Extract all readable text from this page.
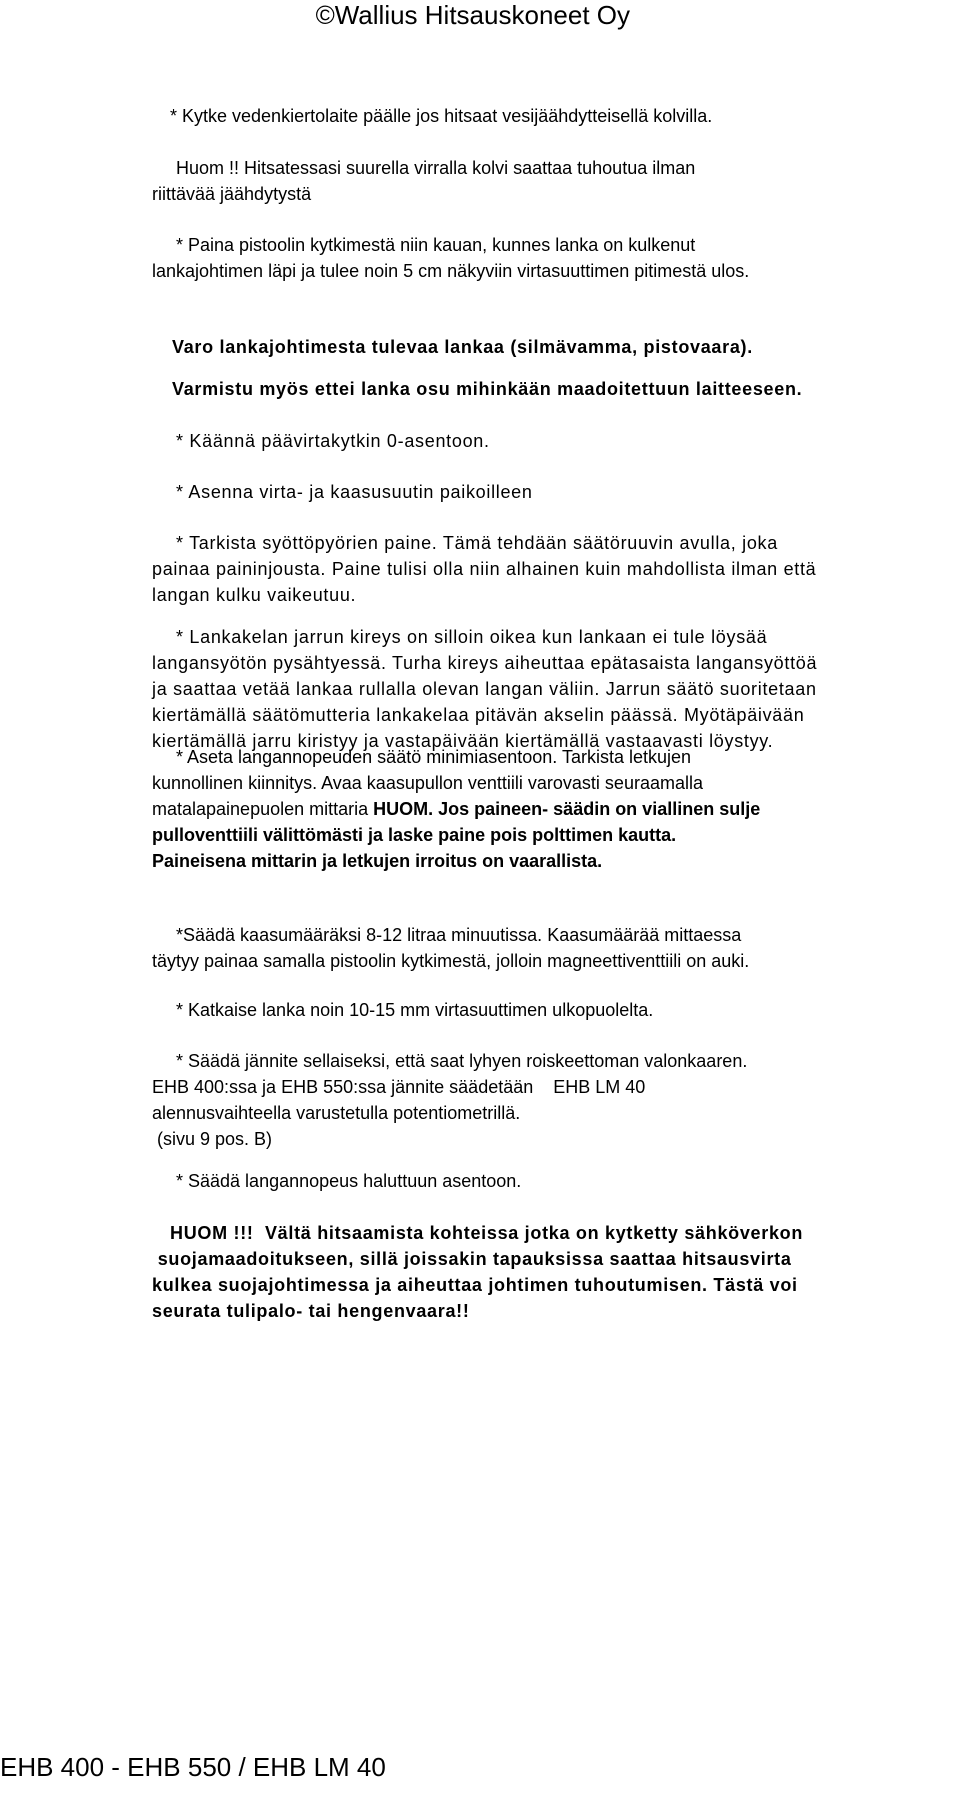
©Wallius Hitsauskoneet Oy

* Kytke vedenkiertolaite päälle jos hitsaat vesijäähdytteisellä kolvilla.

Huom !! Hitsatessasi suurella virralla kolvi saattaa tuhoutua ilman
riittävää jäähdytystä
* Paina pistoolin kytkimestä niin kauan, kunnes lanka on kulkenut
lankajohtimen läpi ja tulee noin 5 cm näkyviin virtasuuttimen pitimestä ulos.

Varo lankajohtimesta tulevaa lankaa (silmävamma, pistovaara).

Varmistu myös ettei lanka osu mihinkään maadoitettuun laitteeseen.

* Käännä päävirtakytkin 0-asentoon.

* Asenna virta- ja kaasusuutin paikoilleen

* Tarkista syöttöpyörien paine. Tämä tehdään säätöruuvin avulla, joka
painaa paininjousta. Paine tulisi olla niin alhainen kuin mahdollista ilman että
langan kulku vaikeutuu.
* Lankakelan jarrun kireys on silloin oikea kun lankaan ei tule löysää
langansyötön pysähtyessä. Turha kireys aiheuttaa epätasaista langansyöttöä
ja saattaa vetää lankaa rullalla olevan langan väliin. Jarrun säätö suoritetaan
kiertämällä säätömutteria lankakelaa pitävän akselin päässä. Myötäpäivään
kiertämällä jarru kiristyy ja vastapäivään kiertämällä vastaavasti löystyy.
* Aseta langannopeuden säätö minimiasentoon. Tarkista letkujen
kunnollinen kiinnitys. Avaa kaasupullon venttiili varovasti seuraamalla
matalapainepuolen mittaria HUOM. Jos paineen- säädin on viallinen sulje
pulloventtiili välittömästi ja laske paine pois polttimen kautta.
Paineisena mittarin ja letkujen irroitus on vaarallista.
*Säädä kaasumääräksi 8-12 litraa minuutissa. Kaasumäärää mittaessa
täytyy painaa samalla pistoolin kytkimestä, jolloin magneettiventtiili on auki.

* Katkaise lanka noin 10-15 mm virtasuuttimen ulkopuolelta.

* Säädä jännite sellaiseksi, että saat lyhyen roiskeettoman valonkaaren.
EHB 400:ssa ja EHB 550:ssa jännite säädetään    EHB LM 40
alennusvaihteella varustetulla potentiometrillä.
(sivu 9 pos. B)

* Säädä langannopeus haluttuun asentoon.

HUOM !!!  Vältä hitsaamista kohteissa jotka on kytketty sähköverkon
suojamaadoitukseen, sillä joissakin tapauksissa saattaa hitsausvirta
kulkea suojajohtimessa ja aiheuttaa johtimen tuhoutumisen. Tästä voi
seurata tulipalo- tai hengenvaara!!
EHB 400 - EHB 550 / EHB LM 40
